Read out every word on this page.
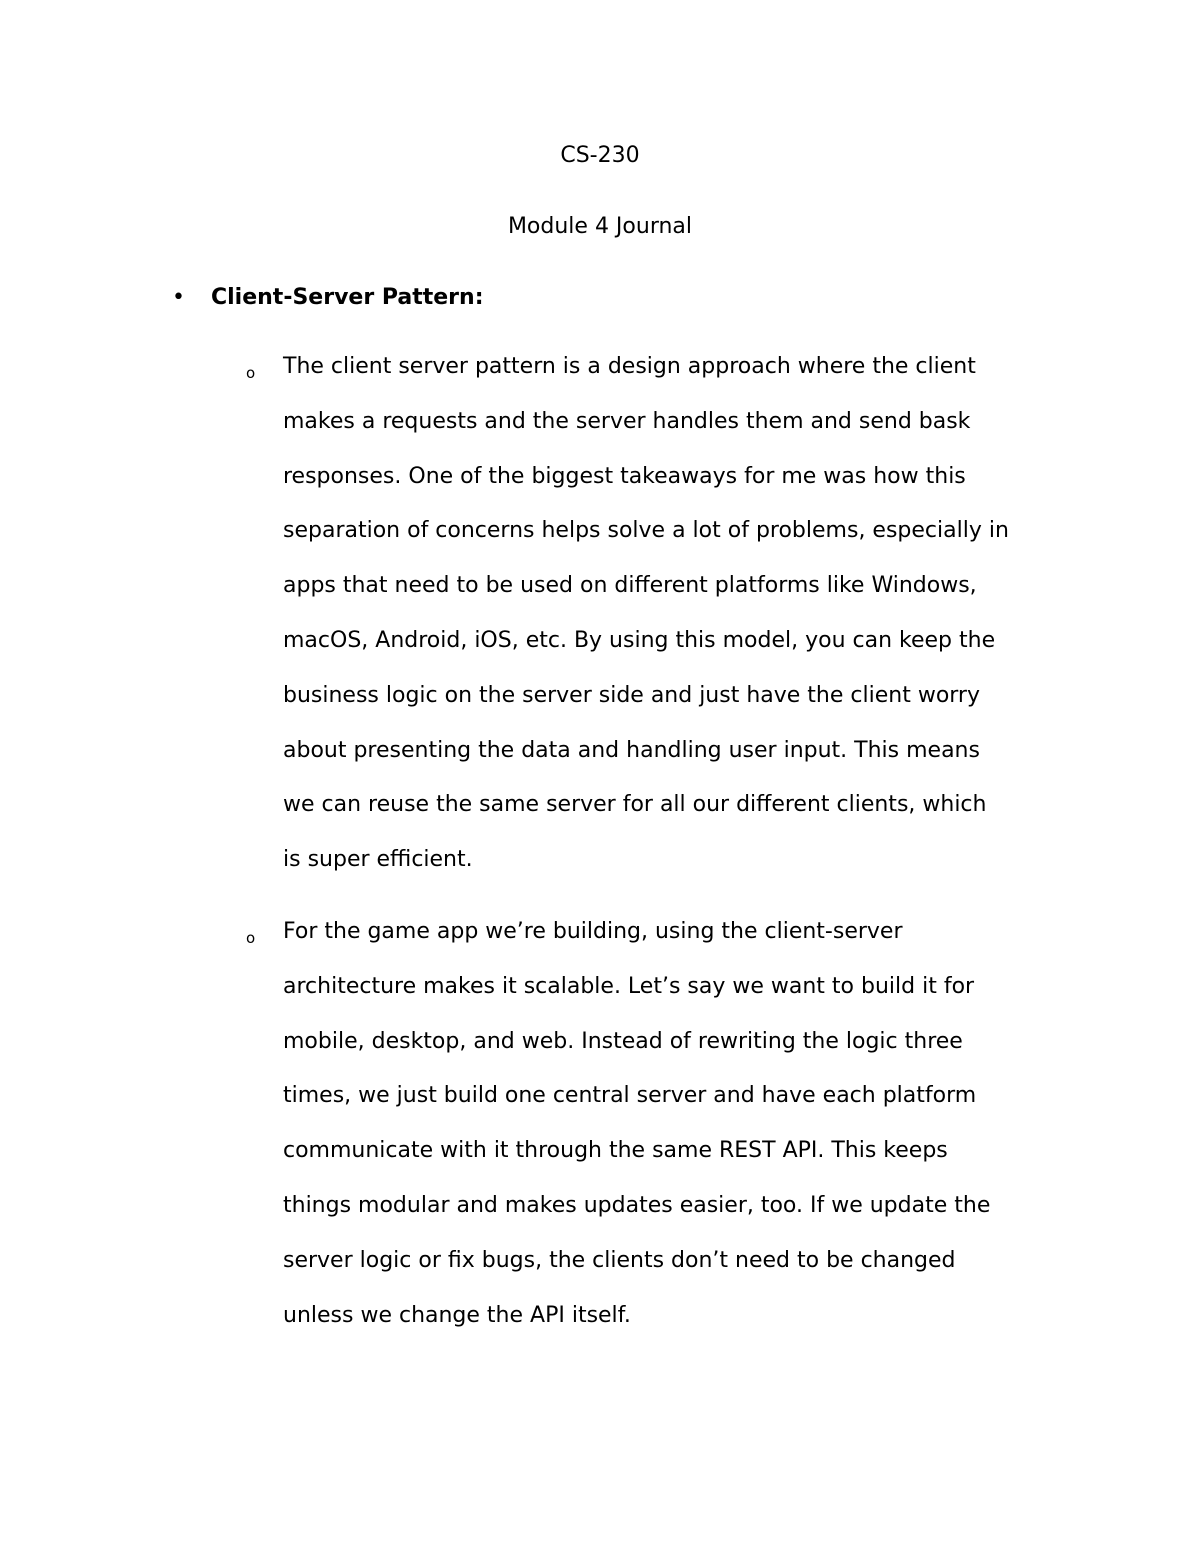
CS-230
Module 4 Journal
• Client-Server Pattern:
o The client server pattern is a design approach where the client
makes a requests and the server handles them and send bask
responses. One of the biggest takeaways for me was how this
separation of concerns helps solve a lot of problems, especially in
apps that need to be used on different platforms like Windows,
macOS, Android, iOS, etc. By using this model, you can keep the
business logic on the server side and just have the client worry
about presenting the data and handling user input. This means
we can reuse the same server for all our different clients, which
is super efficient.
o For the game app we’re building, using the client-server
architecture makes it scalable. Let’s say we want to build it for
mobile, desktop, and web. Instead of rewriting the logic three
times, we just build one central server and have each platform
communicate with it through the same REST API. This keeps
things modular and makes updates easier, too. If we update the
server logic or fix bugs, the clients don’t need to be changed
unless we change the API itself.
